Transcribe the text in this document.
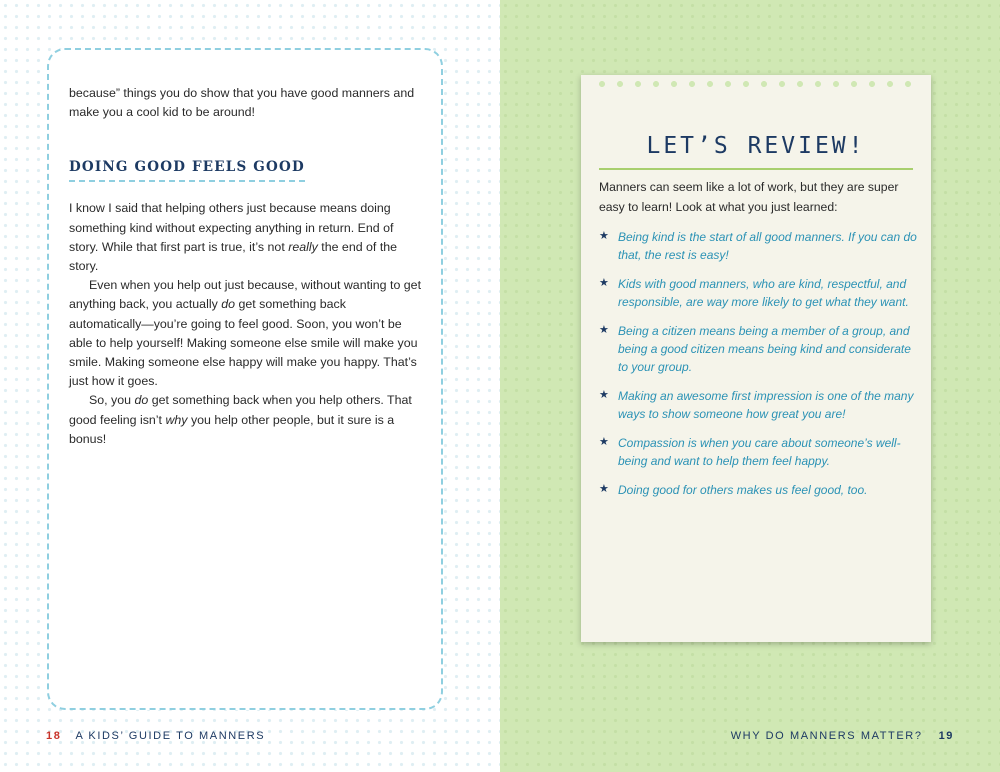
because” things you do show that you have good manners and make you a cool kid to be around!

DOING GOOD FEELS GOOD

I know I said that helping others just because means doing something kind without expecting anything in return. End of story. While that first part is true, it’s not really the end of the story.

Even when you help out just because, without wanting to get anything back, you actually do get something back automatically—you’re going to feel good. Soon, you won’t be able to help yourself! Making someone else smile will make you smile. Making someone else happy will make you happy. That’s just how it goes.

So, you do get something back when you help others. That good feeling isn’t why you help other people, but it sure is a bonus!

18 A KIDS’ GUIDE TO MANNERS
LET’S REVIEW!

Manners can seem like a lot of work, but they are super easy to learn! Look at what you just learned:

★ Being kind is the start of all good manners. If you can do that, the rest is easy!
★ Kids with good manners, who are kind, respectful, and responsible, are way more likely to get what they want.
★ Being a citizen means being a member of a group, and being a good citizen means being kind and considerate to your group.
★ Making an awesome first impression is one of the many ways to show someone how great you are!
★ Compassion is when you care about someone’s well-being and want to help them feel happy.
★ Doing good for others makes us feel good, too.
WHY DO MANNERS MATTER? 19
